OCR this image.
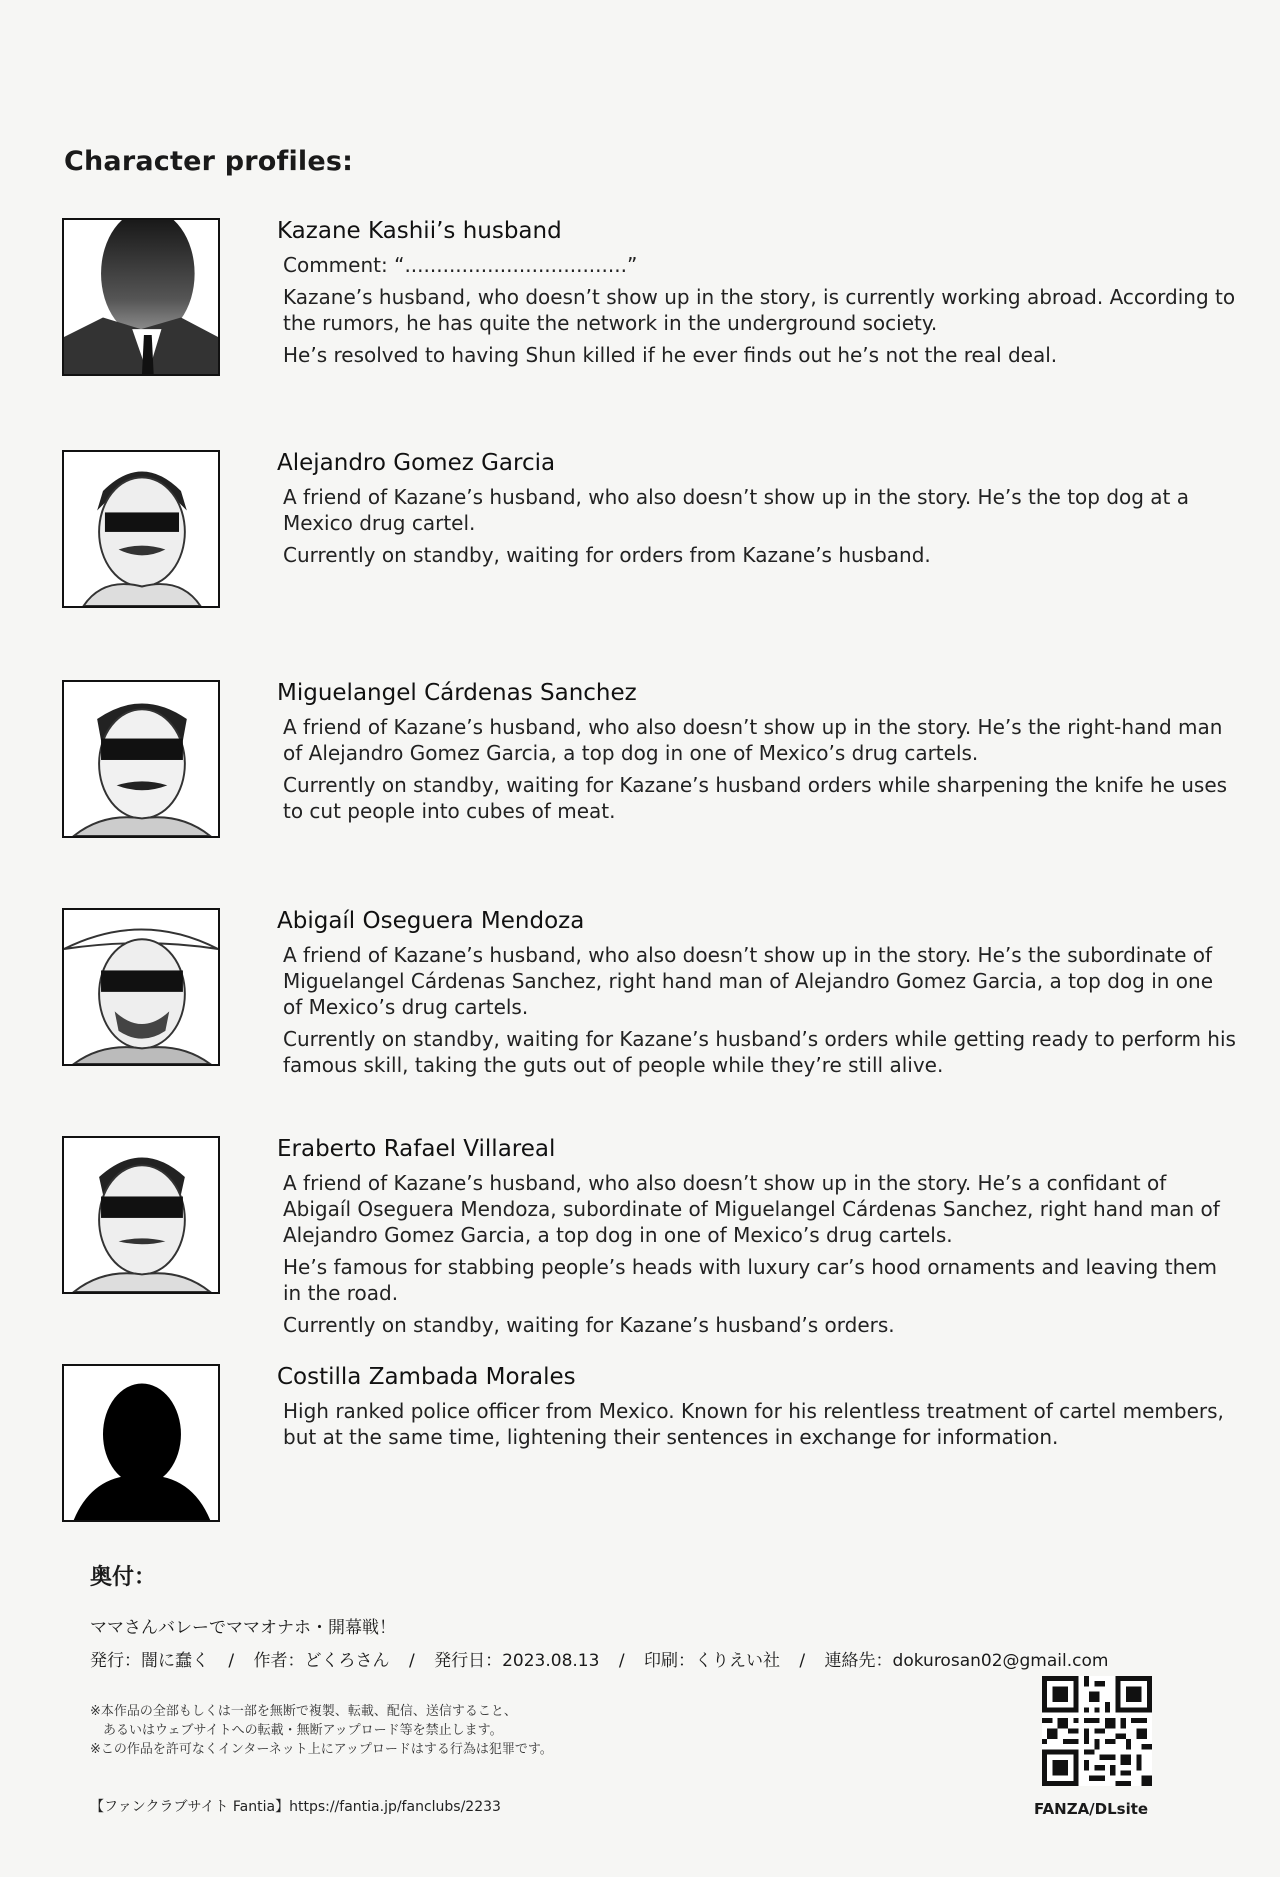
Character profiles:
Kazane Kashii’s husband
Comment: “...................................”
Kazane’s husband, who doesn’t show up in the story, is currently working abroad. According to the rumors, he has quite the network in the underground society.
He’s resolved to having Shun killed if he ever finds out he’s not the real deal.
Alejandro Gomez Garcia
A friend of Kazane’s husband, who also doesn’t show up in the story. He’s the top dog at a Mexico drug cartel.
Currently on standby, waiting for orders from Kazane’s husband.
Miguelangel Cárdenas Sanchez
A friend of Kazane’s husband, who also doesn’t show up in the story. He’s the right-hand man of Alejandro Gomez Garcia, a top dog in one of Mexico’s drug cartels.
Currently on standby, waiting for Kazane’s husband orders while sharpening the knife he uses to cut people into cubes of meat.
Abigaíl Oseguera Mendoza
A friend of Kazane’s husband, who also doesn’t show up in the story. He’s the subordinate of Miguelangel Cárdenas Sanchez, right hand man of Alejandro Gomez Garcia, a top dog in one of Mexico’s drug cartels.
Currently on standby, waiting for Kazane’s husband’s orders while getting ready to perform his famous skill, taking the guts out of people while they’re still alive.
Eraberto Rafael Villareal
A friend of Kazane’s husband, who also doesn’t show up in the story. He’s a confidant of Abigaíl Oseguera Mendoza, subordinate of Miguelangel Cárdenas Sanchez, right hand man of Alejandro Gomez Garcia, a top dog in one of Mexico’s drug cartels.
He’s famous for stabbing people’s heads with luxury car’s hood ornaments and leaving them in the road.
Currently on standby, waiting for Kazane’s husband’s orders.
Costilla Zambada Morales
High ranked police officer from Mexico. Known for his relentless treatment of cartel members, but at the same time, lightening their sentences in exchange for information.
奥付：
ママさんバレーでママオナホ・開幕戦！
発行：闇に蠢く / 作者：どくろさん / 発行日：2023.08.13 / 印刷：くりえい社 / 連絡先：dokurosan02@gmail.com
※本作品の全部もしくは一部を無断で複製、転載、配信、送信すること、
　あるいはウェブサイトへの転載・無断アップロード等を禁止します。
※この作品を許可なくインターネット上にアップロードはする行為は犯罪です。
【ファンクラブサイト Fantia】https://fantia.jp/fanclubs/2233	FANZA/DLsite
